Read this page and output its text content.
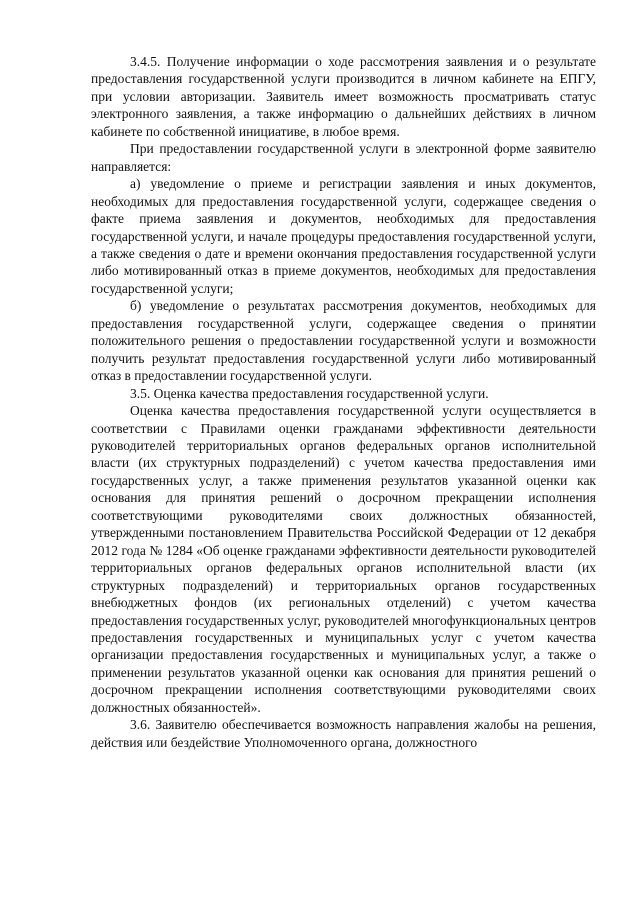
3.4.5. Получение информации о ходе рассмотрения заявления и о результате предоставления государственной услуги производится в личном кабинете на ЕПГУ, при условии авторизации. Заявитель имеет возможность просматривать статус электронного заявления, а также информацию о дальнейших действиях в личном кабинете по собственной инициативе, в любое время.

При предоставлении государственной услуги в электронной форме заявителю направляется:

а) уведомление о приеме и регистрации заявления и иных документов, необходимых для предоставления государственной услуги, содержащее сведения о факте приема заявления и документов, необходимых для предоставления государственной услуги, и начале процедуры предоставления государственной услуги, а также сведения о дате и времени окончания предоставления государственной услуги либо мотивированный отказ в приеме документов, необходимых для предоставления государственной услуги;

б) уведомление о результатах рассмотрения документов, необходимых для предоставления государственной услуги, содержащее сведения о принятии положительного решения о предоставлении государственной услуги и возможности получить результат предоставления государственной услуги либо мотивированный отказ в предоставлении государственной услуги.

3.5. Оценка качества предоставления государственной услуги.

Оценка качества предоставления государственной услуги осуществляется в соответствии с Правилами оценки гражданами эффективности деятельности руководителей территориальных органов федеральных органов исполнительной власти (их структурных подразделений) с учетом качества предоставления ими государственных услуг, а также применения результатов указанной оценки как основания для принятия решений о досрочном прекращении исполнения соответствующими руководителями своих должностных обязанностей, утвержденными постановлением Правительства Российской Федерации от 12 декабря 2012 года № 1284 «Об оценке гражданами эффективности деятельности руководителей территориальных органов федеральных органов исполнительной власти (их структурных подразделений) и территориальных органов государственных внебюджетных фондов (их региональных отделений) с учетом качества предоставления государственных услуг, руководителей многофункциональных центров предоставления государственных и муниципальных услуг с учетом качества организации предоставления государственных и муниципальных услуг, а также о применении результатов указанной оценки как основания для принятия решений о досрочном прекращении исполнения соответствующими руководителями своих должностных обязанностей».

3.6. Заявителю обеспечивается возможность направления жалобы на решения, действия или бездействие Уполномоченного органа, должностного
